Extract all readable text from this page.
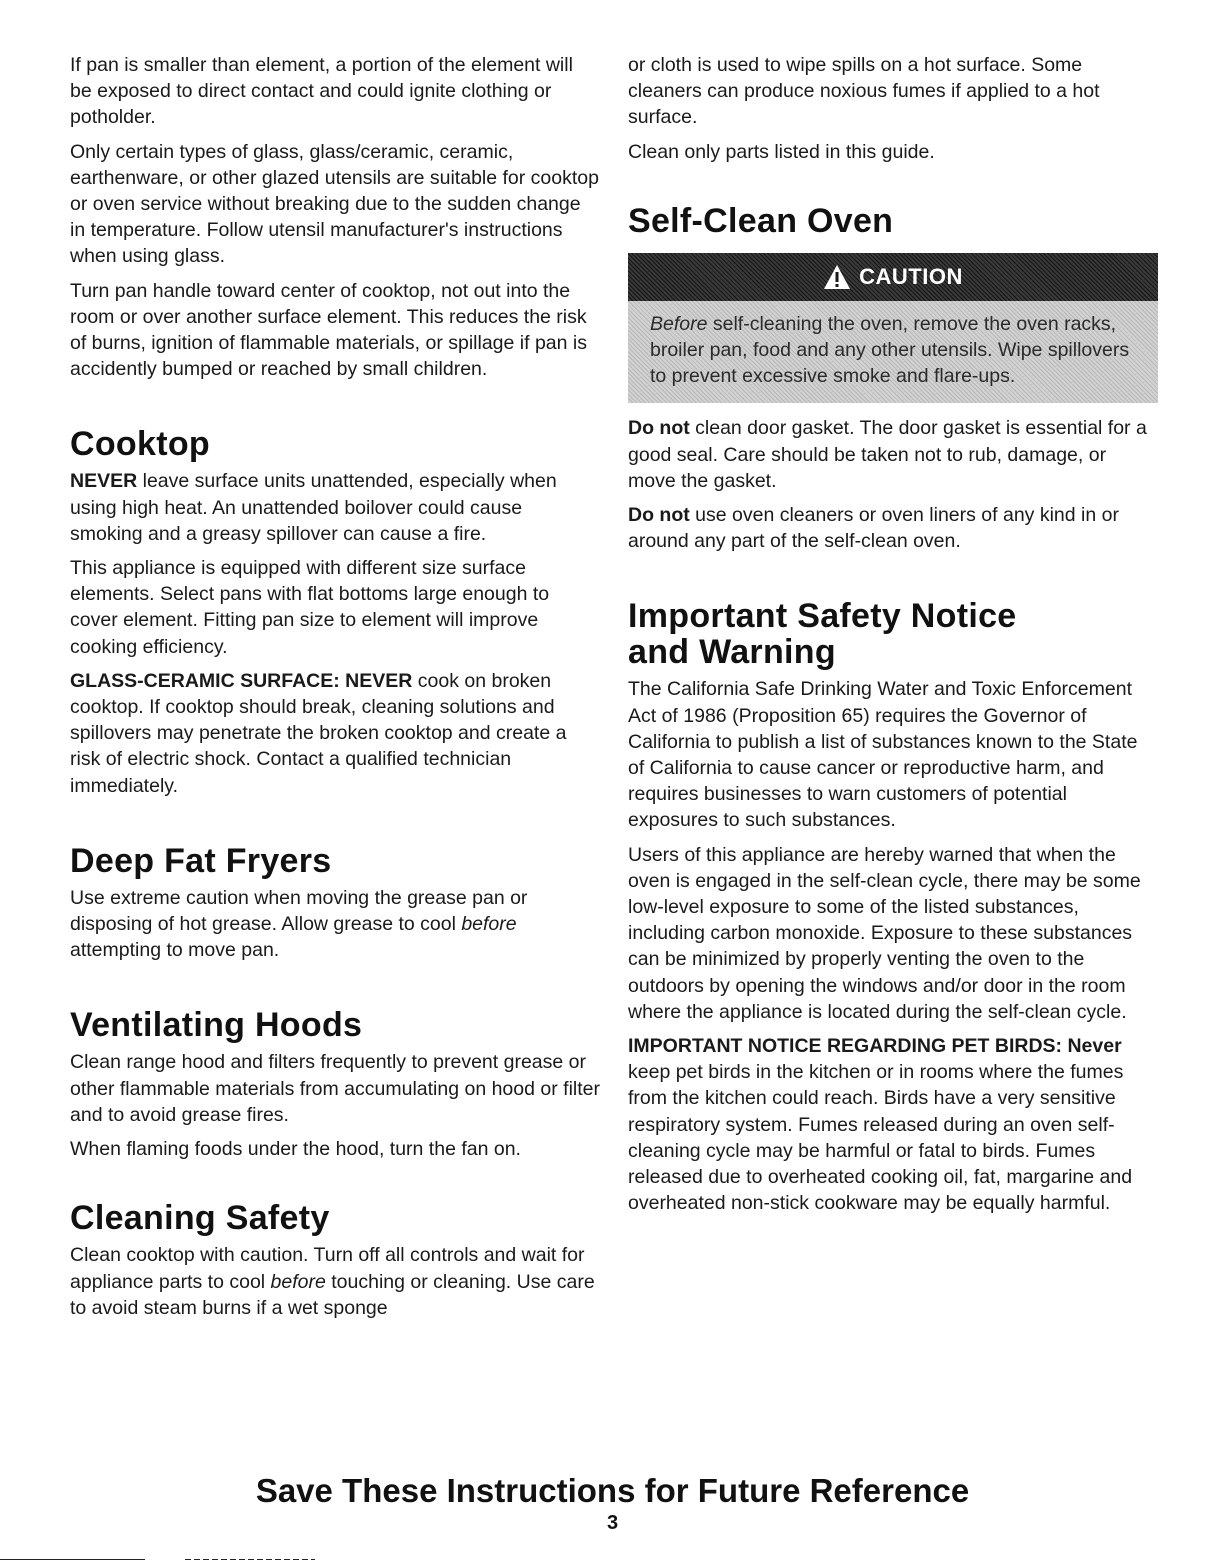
If pan is smaller than element, a portion of the element will be exposed to direct contact and could ignite clothing or potholder.

Only certain types of glass, glass/ceramic, ceramic, earthenware, or other glazed utensils are suitable for cooktop or oven service without breaking due to the sudden change in temperature. Follow utensil manufacturer's instructions when using glass.

Turn pan handle toward center of cooktop, not out into the room or over another surface element. This reduces the risk of burns, ignition of flammable materials, or spillage if pan is accidently bumped or reached by small children.

Cooktop

NEVER leave surface units unattended, especially when using high heat. An unattended boilover could cause smoking and a greasy spillover can cause a fire.

This appliance is equipped with different size surface elements. Select pans with flat bottoms large enough to cover element. Fitting pan size to element will improve cooking efficiency.

GLASS-CERAMIC SURFACE: NEVER cook on broken cooktop. If cooktop should break, cleaning solutions and spillovers may penetrate the broken cooktop and create a risk of electric shock. Contact a qualified technician immediately.

Deep Fat Fryers

Use extreme caution when moving the grease pan or disposing of hot grease. Allow grease to cool before attempting to move pan.

Ventilating Hoods

Clean range hood and filters frequently to prevent grease or other flammable materials from accumulating on hood or filter and to avoid grease fires.

When flaming foods under the hood, turn the fan on.

Cleaning Safety

Clean cooktop with caution. Turn off all controls and wait for appliance parts to cool before touching or cleaning. Use care to avoid steam burns if a wet sponge

or cloth is used to wipe spills on a hot surface. Some cleaners can produce noxious fumes if applied to a hot surface.

Clean only parts listed in this guide.

Self-Clean Oven
CAUTION
Before self-cleaning the oven, remove the oven racks, broiler pan, food and any other utensils. Wipe spillovers to prevent excessive smoke and flare-ups.

Do not clean door gasket. The door gasket is essential for a good seal. Care should be taken not to rub, damage, or move the gasket.

Do not use oven cleaners or oven liners of any kind in or around any part of the self-clean oven.

Important Safety Notice
and Warning

The California Safe Drinking Water and Toxic Enforcement Act of 1986 (Proposition 65) requires the Governor of California to publish a list of substances known to the State of California to cause cancer or reproductive harm, and requires businesses to warn customers of potential exposures to such substances.

Users of this appliance are hereby warned that when the oven is engaged in the self-clean cycle, there may be some low-level exposure to some of the listed substances, including carbon monoxide. Exposure to these substances can be minimized by properly venting the oven to the outdoors by opening the windows and/or door in the room where the appliance is located during the self-clean cycle.

IMPORTANT NOTICE REGARDING PET BIRDS: Never keep pet birds in the kitchen or in rooms where the fumes from the kitchen could reach. Birds have a very sensitive respiratory system. Fumes released during an oven self-cleaning cycle may be harmful or fatal to birds. Fumes released due to overheated cooking oil, fat, margarine and overheated non-stick cookware may be equally harmful.

Save These Instructions for Future Reference
3
